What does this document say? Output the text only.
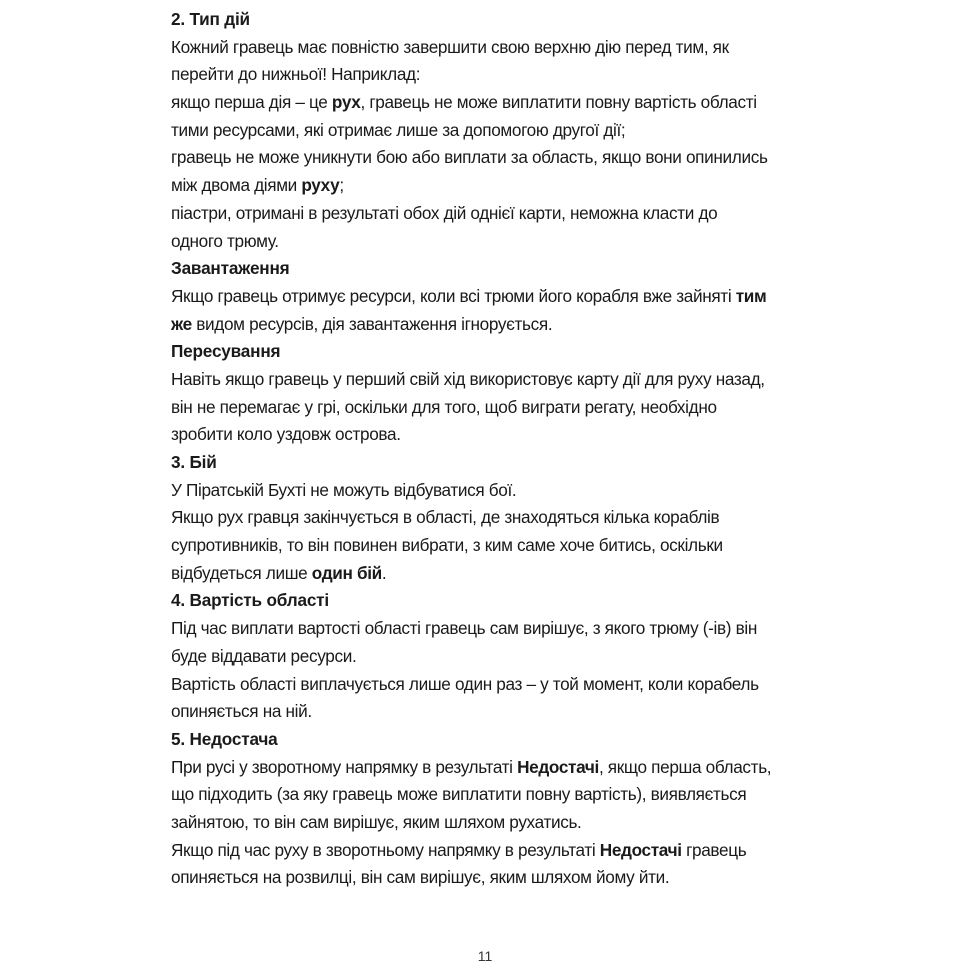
2. Тип дій
Кожний гравець має повністю завершити свою верхню дію перед тим, як
перейти до нижньої! Наприклад:
якщо перша дія – це рух, гравець не може виплатити повну вартість області
тими ресурсами, які отримає лише за допомогою другої дії;
гравець не може уникнути бою або виплати за область, якщо вони опинились
між двома діями руху;
піастри, отримані в результаті обох дій однієї карти, неможна класти до
одного трюму.
Завантаження
Якщо гравець отримує ресурси, коли всі трюми його корабля вже зайняті тим
же видом ресурсів, дія завантаження ігнорується.
Пересування
Навіть якщо гравець у перший свій хід використовує карту дії для руху назад,
він не перемагає у грі, оскільки для того, щоб виграти регату, необхідно
зробити коло уздовж острова.
3. Бій
У Піратській Бухті не можуть відбуватися бої.
Якщо рух гравця закінчується в області, де знаходяться кілька кораблів
супротивників, то він повинен вибрати, з ким саме хоче битись, оскільки
відбудеться лише один бій.
4. Вартість області
Під час виплати вартості області гравець сам вирішує, з якого трюму (-ів) він
буде віддавати ресурси.
Вартість області виплачується лише один раз – у той момент, коли корабель
опиняється на ній.
5. Недостача
При русі у зворотному напрямку в результаті Недостачі, якщо перша область,
що підходить (за яку гравець може виплатити повну вартість), виявляється
зайнятою, то він сам вирішує, яким шляхом рухатись.
Якщо під час руху в зворотньому напрямку в результаті Недостачі гравець
опиняється на розвилці, він сам вирішує, яким шляхом йому йти.
11
